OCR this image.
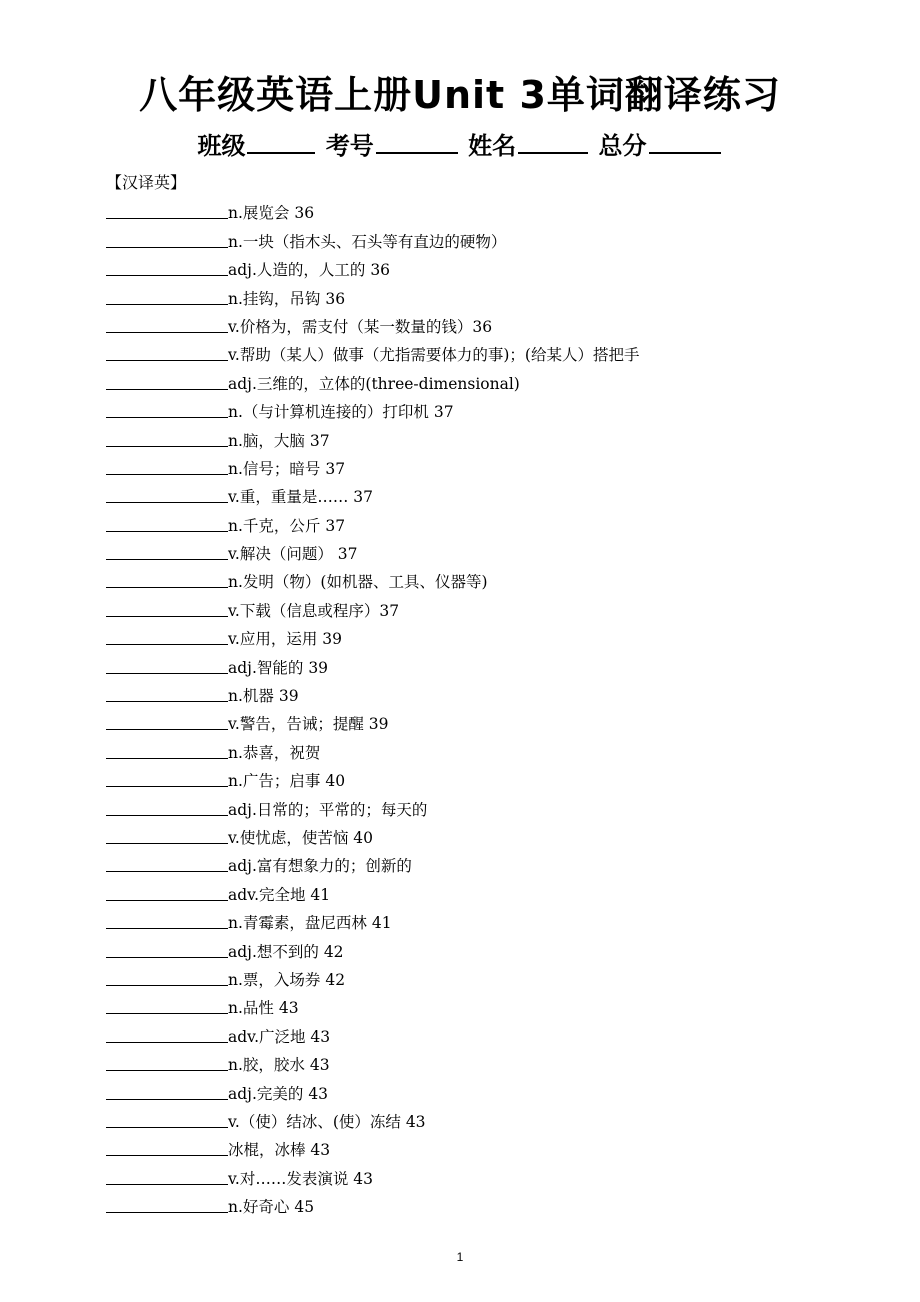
八年级英语上册Unit 3单词翻译练习
班级	考号	姓名	总分
【汉译英】
n.展览会 36
n.一块（指木头、石头等有直边的硬物）
adj.人造的，人工的 36
n.挂钩，吊钩 36
v.价格为，需支付（某一数量的钱）36
v.帮助（某人）做事（尤指需要体力的事)；(给某人）搭把手
adj.三维的，立体的(three-dimensional)
n.（与计算机连接的）打印机 37
n.脑，大脑 37
n.信号；暗号 37
v.重，重量是…… 37
n.千克，公斤 37
v.解决（问题） 37
n.发明（物）(如机器、工具、仪器等)
v.下载（信息或程序）37
v.应用，运用 39
adj.智能的 39
n.机器 39
v.警告，告诫；提醒 39
n.恭喜，祝贺
n.广告；启事 40
adj.日常的；平常的；每天的
v.使忧虑，使苦恼 40
adj.富有想象力的；创新的
adv.完全地 41
n.青霉素，盘尼西林 41
adj.想不到的 42
n.票，入场券 42
n.品性 43
adv.广泛地 43
n.胶，胶水 43
adj.完美的 43
v.（使）结冰、(使）冻结 43
冰棍，冰棒 43
v.对……发表演说 43
n.好奇心 45
1
